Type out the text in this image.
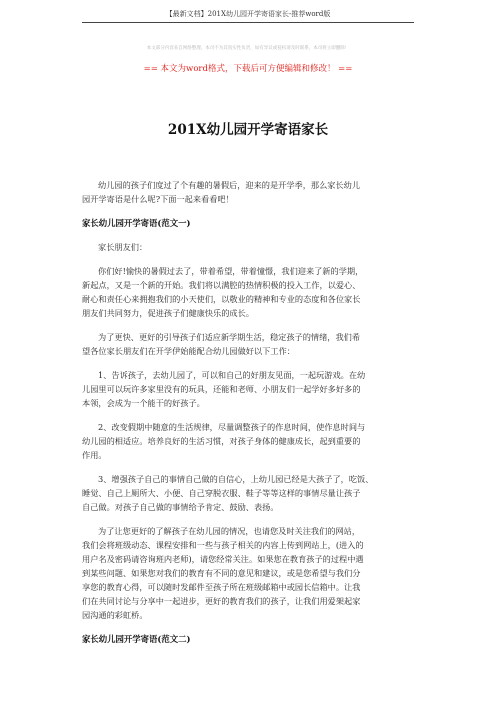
【最新文档】201X幼儿园开学寄语家长-推荐word版
本文部分内容来自网络整理，本司不为其真实性负责，如有异议或侵权请及时联系，本司将立即删除！
== 本文为word格式，下载后可方便编辑和修改！ ==
201X幼儿园开学寄语家长

幼儿园的孩子们度过了个有趣的暑假后，迎来的是开学季，那么家长幼儿

园开学寄语是什么呢?下面一起来看看吧！

家长幼儿园开学寄语(范文一)

家长朋友们：

你们好!愉快的暑假过去了，带着希望，带着憧憬，我们迎来了新的学期，

新起点，又是一个新的开始。我们将以满腔的热情积极的投入工作，以爱心、

耐心和责任心来拥抱我们的小天使们，以敬业的精神和专业的态度和各位家长

朋友们共同努力，促进孩子们健康快乐的成长。

为了更快、更好的引导孩子们适应新学期生活，稳定孩子的情绪，我们希

望各位家长朋友们在开学伊始能配合幼儿园做好以下工作：

1、告诉孩子，去幼儿园了，可以和自己的好朋友见面，一起玩游戏。在幼

儿园里可以玩许多家里没有的玩具，还能和老师、小朋友们一起学好多好多的

本领，会成为一个能干的好孩子。

2、改变假期中随意的生活规律，尽量调整孩子的作息时间，使作息时间与

幼儿园的相适应。培养良好的生活习惯，对孩子身体的健康成长，起到重要的

作用。

3、增强孩子自己的事情自己做的自信心，上幼儿园已经是大孩子了，吃饭、

睡觉、自己上厕所大、小便、自己穿脱衣服、鞋子等等这样的事情尽量让孩子

自己做。对孩子自己做的事情给予肯定、鼓励、表扬。

为了让您更好的了解孩子在幼儿园的情况，也请您及时关注我们的网站，

我们会将班级动态、课程安排和一些与孩子相关的内容上传到网站上，(进入的

用户名及密码请咨询班内老师)，请您经常关注。如果您在教育孩子的过程中遇

到某些问题、如果您对我们的教育有不同的意见和建议，或是您希望与我们分

享您的教育心得，可以随时发邮件至孩子所在班级邮箱中或园长信箱中。让我

们在共同讨论与分享中一起进步，更好的教育我们的孩子，让我们用爱架起家

园沟通的彩虹桥。

家长幼儿园开学寄语(范文二)
